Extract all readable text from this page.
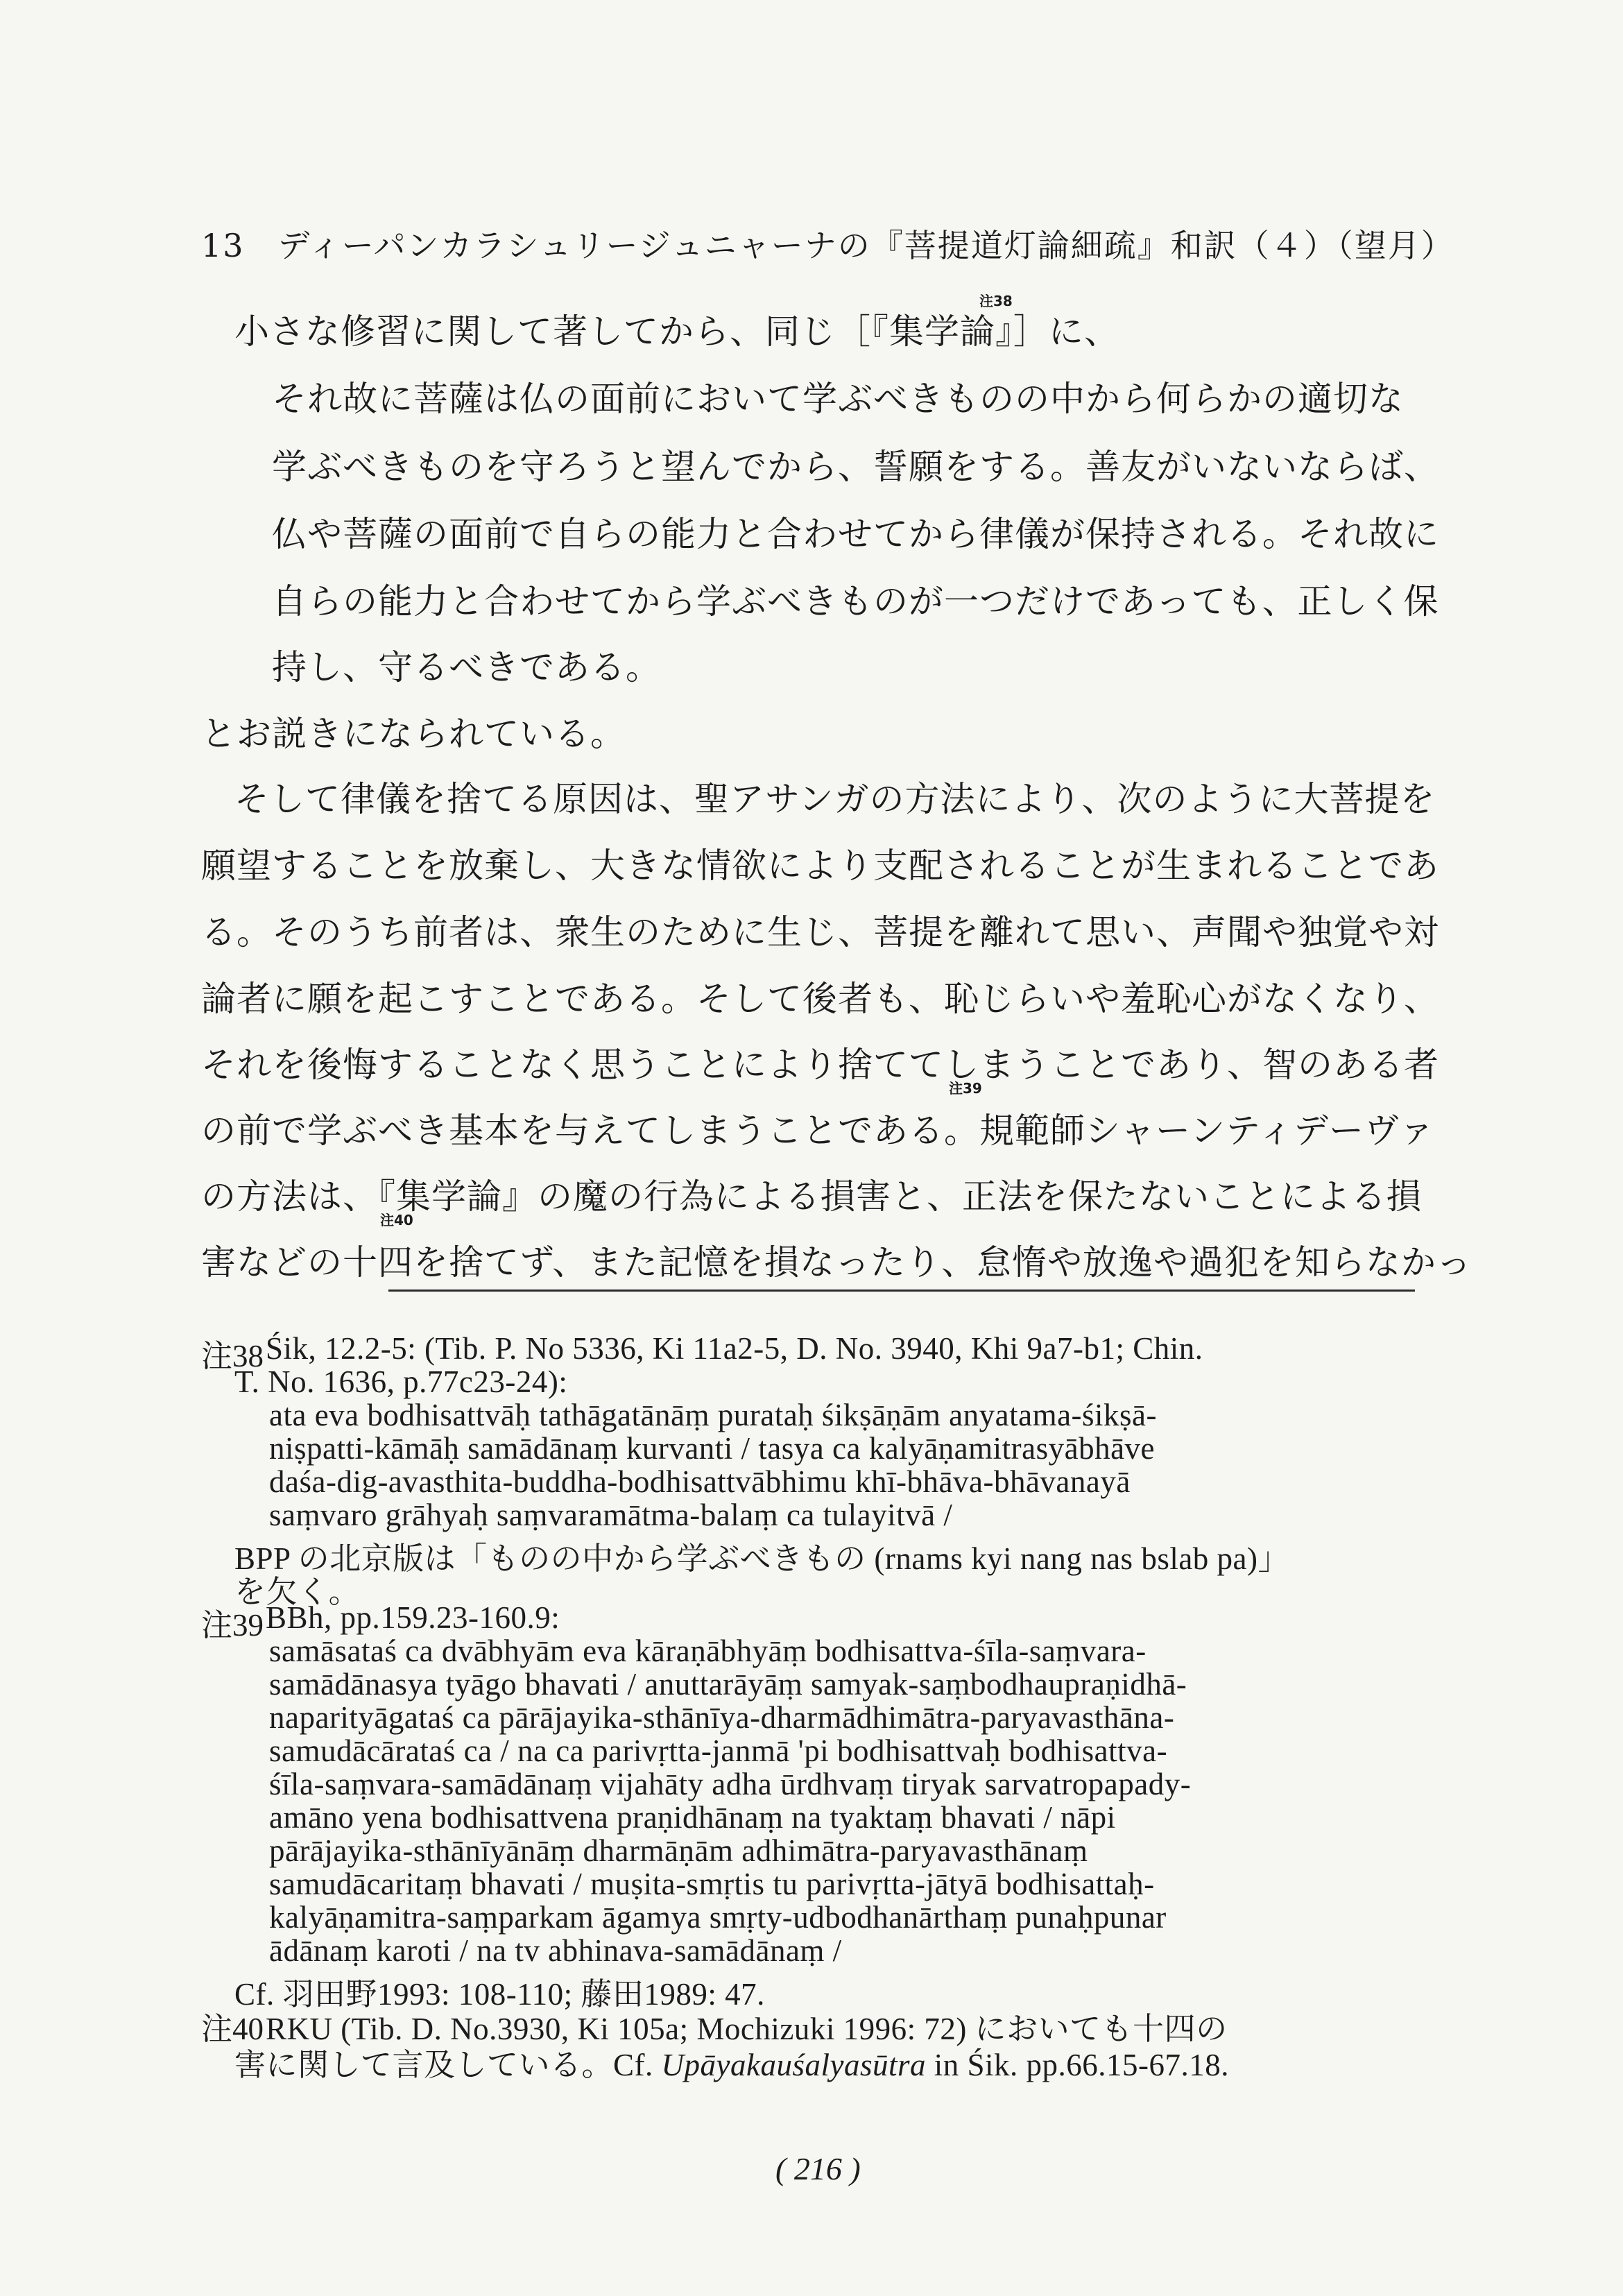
13　ディーパンカラシュリージュニャーナの『菩提道灯論細疏』和訳（４）（望月）
小さな修習に関して著してから、同じ［『集学論』］に、
注38
それ故に菩薩は仏の面前において学ぶべきものの中から何らかの適切な
学ぶべきものを守ろうと望んでから、誓願をする。善友がいないならば、
仏や菩薩の面前で自らの能力と合わせてから律儀が保持される。それ故に
自らの能力と合わせてから学ぶべきものが一つだけであっても、正しく保
持し、守るべきである。
とお説きになられている。
そして律儀を捨てる原因は、聖アサンガの方法により、次のように大菩提を
願望することを放棄し、大きな情欲により支配されることが生まれることであ
る。そのうち前者は、衆生のために生じ、菩提を離れて思い、声聞や独覚や対
論者に願を起こすことである。そして後者も、恥じらいや羞恥心がなくなり、
それを後悔することなく思うことにより捨ててしまうことであり、智のある者
注39
の前で学ぶべき基本を与えてしまうことである。規範師シャーンティデーヴァ
の方法は、『集学論』の魔の行為による損害と、正法を保たないことによる損
注40
害などの十四を捨てず、また記憶を損なったり、怠惰や放逸や過犯を知らなかっ
注38 Śik, 12.2-5: (Tib. P. No 5336, Ki 11a2-5, D. No. 3940, Khi 9a7-b1; Chin.
T. No. 1636, p.77c23-24):
ata eva bodhisattvāḥ tathāgatānāṃ purataḥ śikṣāṇām anyatama-śikṣā-
niṣpatti-kāmāḥ samādānaṃ kurvanti / tasya ca kalyāṇamitrasyābhāve
daśa-dig-avasthita-buddha-bodhisattvābhimu khī-bhāva-bhāvanayā
saṃvaro grāhyaḥ saṃvaramātma-balaṃ ca tulayitvā /
BPP の北京版は「ものの中から学ぶべきもの (rnams kyi nang nas bslab pa)」
を欠く。
注39 BBh, pp.159.23-160.9:
samāsataś ca dvābhyām eva kāraṇābhyāṃ bodhisattva-śīla-saṃvara-
samādānasya tyāgo bhavati / anuttarāyāṃ samyak-saṃbodhaupraṇidhā-
naparityāgataś ca pārājayika-sthānīya-dharmādhimātra-paryavasthāna-
samudācārataś ca / na ca parivṛtta-janmā 'pi bodhisattvaḥ bodhisattva-
śīla-saṃvara-samādānaṃ vijahāty adha ūrdhvaṃ tiryak sarvatropapady-
amāno yena bodhisattvena praṇidhānaṃ na tyaktaṃ bhavati / nāpi
pārājayika-sthānīyānāṃ dharmāṇām adhimātra-paryavasthānaṃ
samudācaritaṃ bhavati / muṣita-smṛtis tu parivṛtta-jātyā bodhisattaḥ-
kalyāṇamitra-saṃparkam āgamya smṛty-udbodhanārthaṃ punaḥpunar
ādānaṃ karoti / na tv abhinava-samādānaṃ /
Cf. 羽田野1993: 108-110; 藤田1989: 47.
注40 RKU (Tib. D. No.3930, Ki 105a; Mochizuki 1996: 72) においても十四の
害に関して言及している。Cf. Upāyakauśalyasūtra in Śik. pp.66.15-67.18.
( 216 )
